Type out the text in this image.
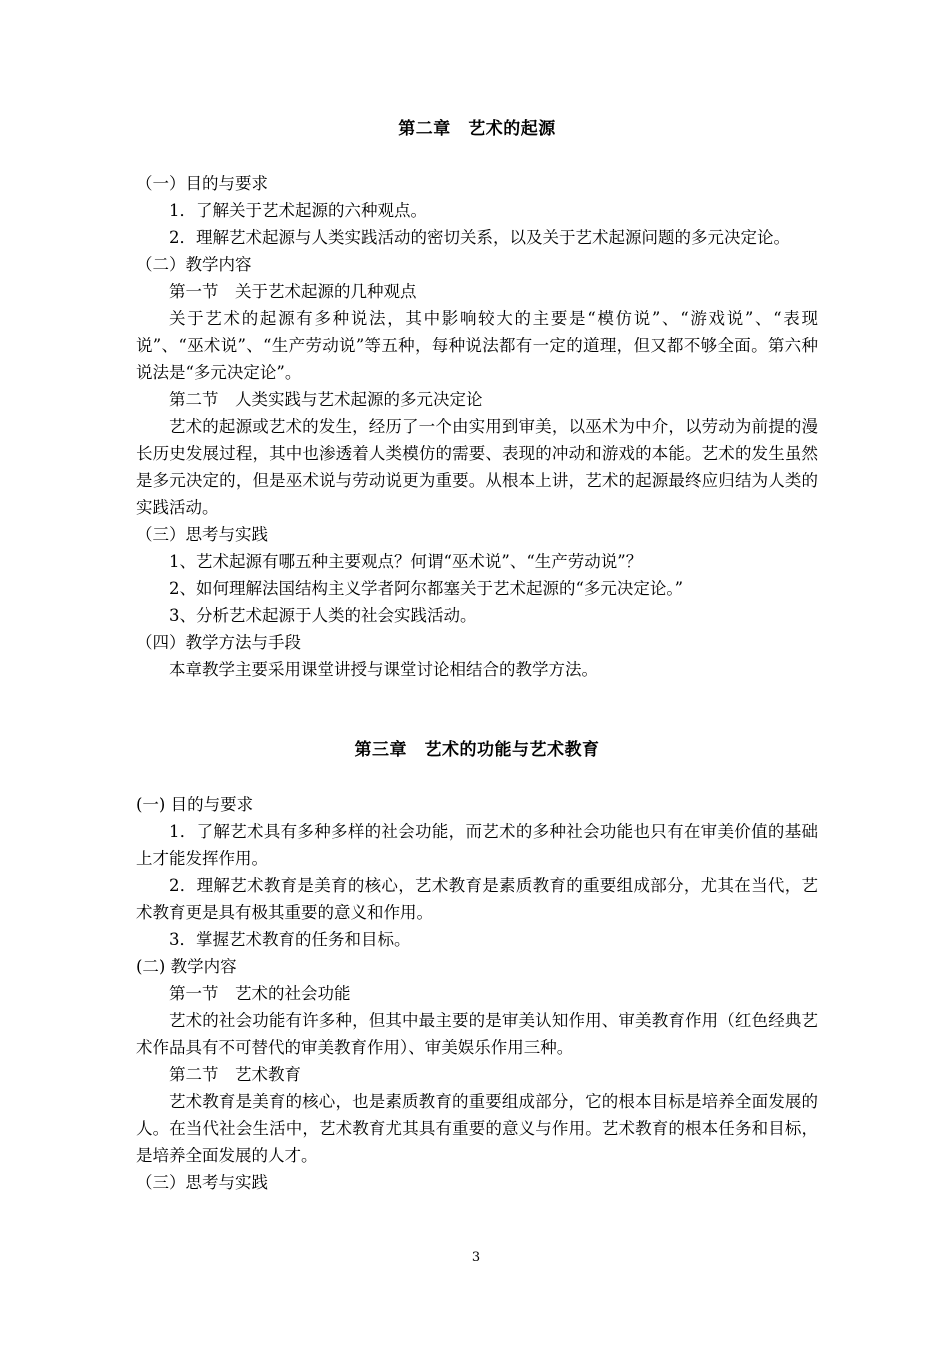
第二章　艺术的起源

（一）目的与要求

1．了解关于艺术起源的六种观点。

2．理解艺术起源与人类实践活动的密切关系，以及关于艺术起源问题的多元决定论。

（二）教学内容

第一节　关于艺术起源的几种观点

关于艺术的起源有多种说法，其中影响较大的主要是“模仿说”、“游戏说”、“表现说”、“巫术说”、“生产劳动说”等五种，每种说法都有一定的道理，但又都不够全面。第六种说法是“多元决定论”。

第二节　人类实践与艺术起源的多元决定论

艺术的起源或艺术的发生，经历了一个由实用到审美，以巫术为中介，以劳动为前提的漫长历史发展过程，其中也渗透着人类模仿的需要、表现的冲动和游戏的本能。艺术的发生虽然是多元决定的，但是巫术说与劳动说更为重要。从根本上讲，艺术的起源最终应归结为人类的实践活动。

（三）思考与实践

1、艺术起源有哪五种主要观点？何谓“巫术说”、“生产劳动说”？

2、如何理解法国结构主义学者阿尔都塞关于艺术起源的“多元决定论。”

3、分析艺术起源于人类的社会实践活动。

（四）教学方法与手段

本章教学主要采用课堂讲授与课堂讨论相结合的教学方法。

第三章　艺术的功能与艺术教育

(一) 目的与要求

1．了解艺术具有多种多样的社会功能，而艺术的多种社会功能也只有在审美价值的基础上才能发挥作用。

2．理解艺术教育是美育的核心，艺术教育是素质教育的重要组成部分，尤其在当代，艺术教育更是具有极其重要的意义和作用。

3．掌握艺术教育的任务和目标。

(二) 教学内容

第一节　艺术的社会功能

艺术的社会功能有许多种，但其中最主要的是审美认知作用、审美教育作用（红色经典艺术作品具有不可替代的审美教育作用）、审美娱乐作用三种。

第二节　艺术教育

艺术教育是美育的核心，也是素质教育的重要组成部分，它的根本目标是培养全面发展的人。在当代社会生活中，艺术教育尤其具有重要的意义与作用。艺术教育的根本任务和目标，是培养全面发展的人才。

（三）思考与实践

3
